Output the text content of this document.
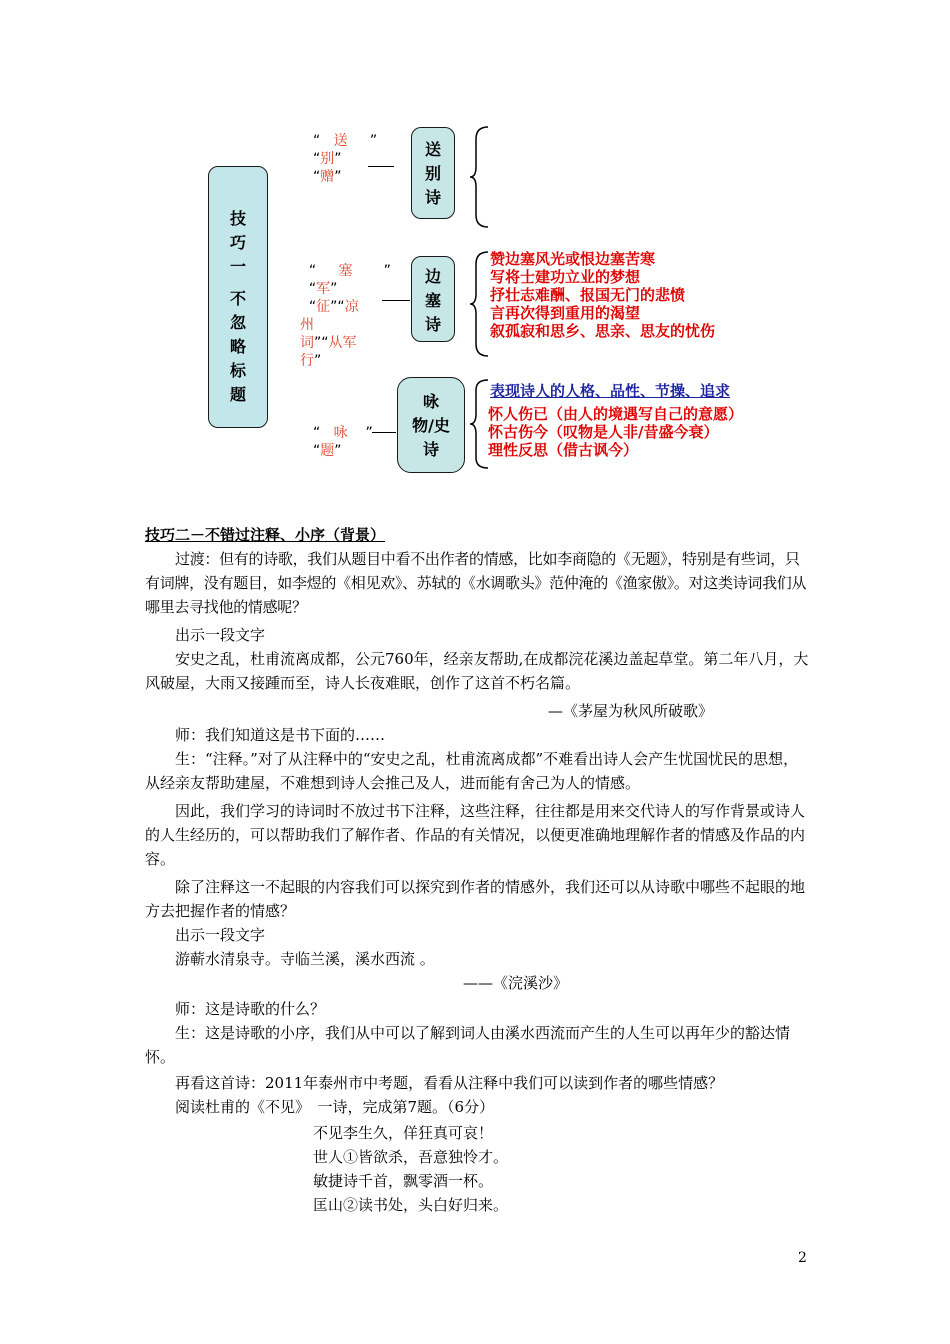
技
巧
一
不
忽
略
标
题
“ 送 ”
“别”
“赠”
送
别
诗
“ 塞 ”
“军”
“征”“凉
州
词”“从军
行”
边
塞
诗
赞边塞风光或恨边塞苦寒
写将士建功立业的梦想
抒壮志难酬、报国无门的悲愤
言再次得到重用的渴望
叙孤寂和思乡、思亲、思友的忧伤
“ 咏 ”
“题”
咏
物/史
诗
表现诗人的人格、品性、节操、追求
怀人伤已（由人的境遇写自己的意愿）
怀古伤今（叹物是人非/昔盛今衰）
理性反思（借古讽今）
技巧二－不错过注释、小序（背景）
过渡：但有的诗歌，我们从题目中看不出作者的情感，比如李商隐的《无题》，特别是有些词，只有词牌，没有题目，如李煜的《相见欢》、苏轼的《水调歌头》范仲淹的《渔家傲》。对这类诗词我们从哪里去寻找他的情感呢？
出示一段文字
安史之乱，杜甫流离成都，公元760年，经亲友帮助,在成都浣花溪边盖起草堂。第二年八月，大风破屋，大雨又接踵而至，诗人长夜难眠，创作了这首不朽名篇。
—《茅屋为秋风所破歌》
师：我们知道这是书下面的……
生：“注释。”对了从注释中的“安史之乱，杜甫流离成都”不难看出诗人会产生忧国忧民的思想，从经亲友帮助建屋，不难想到诗人会推己及人，进而能有舍己为人的情感。
因此，我们学习的诗词时不放过书下注释，这些注释，往往都是用来交代诗人的写作背景或诗人的人生经历的，可以帮助我们了解作者、作品的有关情况，以便更准确地理解作者的情感及作品的内容。
除了注释这一不起眼的内容我们可以探究到作者的情感外，我们还可以从诗歌中哪些不起眼的地方去把握作者的情感？
出示一段文字
游蕲水清泉寺。寺临兰溪，溪水西流 。
——《浣溪沙》
师：这是诗歌的什么？
生：这是诗歌的小序，我们从中可以了解到词人由溪水西流而产生的人生可以再年少的豁达情怀。
再看这首诗：2011年泰州市中考题，看看从注释中我们可以读到作者的哪些情感？
阅读杜甫的《不见》　一诗，完成第7题。（6分）
不见李生久，佯狂真可哀！
世人①皆欲杀，吾意独怜才。
敏捷诗千首，飘零酒一杯。
匡山②读书处，头白好归来。
2
